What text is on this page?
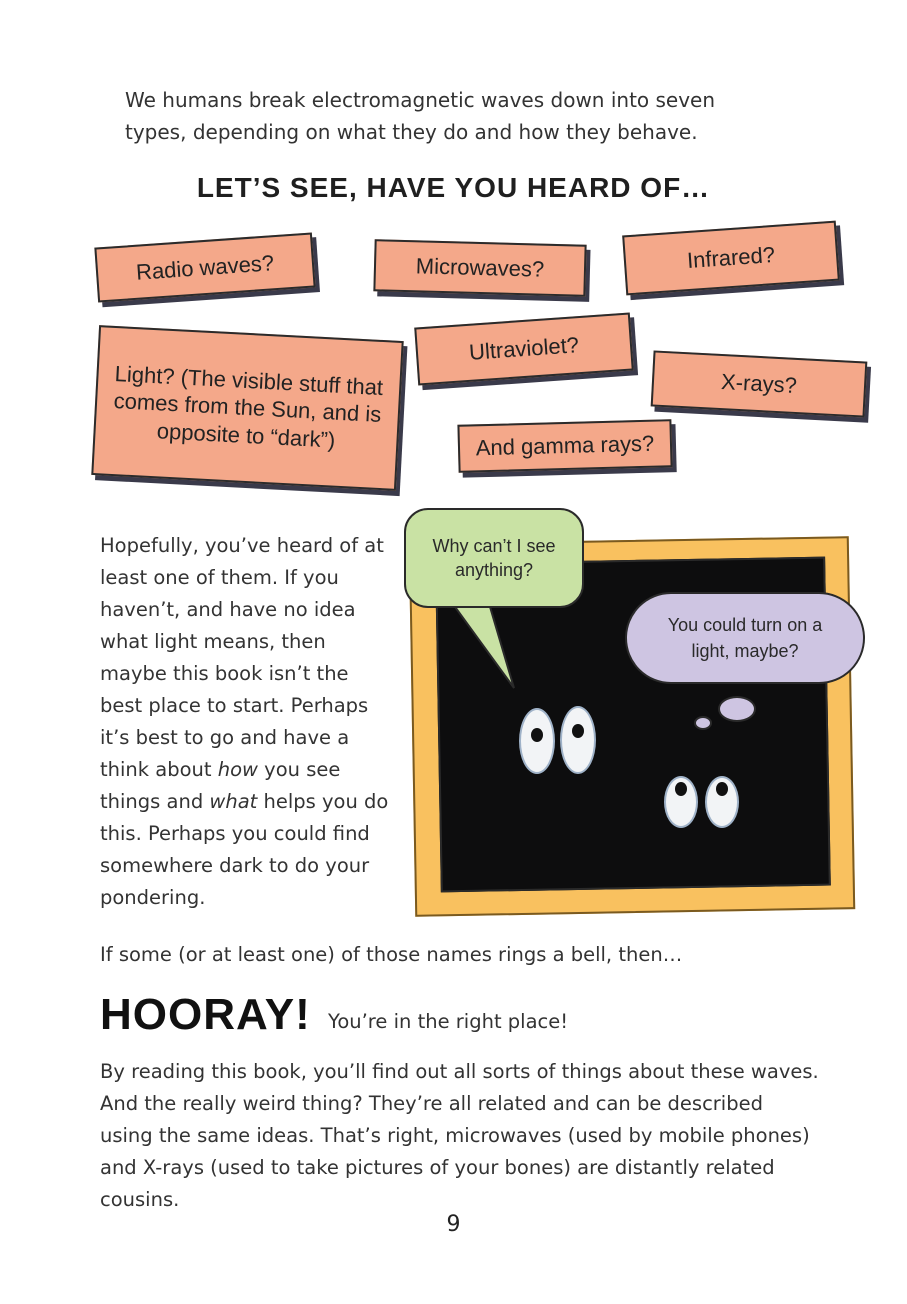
We humans break electromagnetic waves down into seven types, depending on what they do and how they behave.

LET’S SEE, HAVE YOU HEARD OF…
Radio waves?	Microwaves?	Infrared?
Light? (The visible stuff that comes from the Sun, and is opposite to “dark”)
Ultraviolet?
X-rays?
And gamma rays?

Hopefully, you’ve heard of at least one of them. If you haven’t, and have no idea what light means, then maybe this book isn’t the best place to start. Perhaps it’s best to go and have a think about how you see things and what helps you do this. Perhaps you could find somewhere dark to do your pondering.

Why can’t I see anything?
You could turn on a light, maybe?

If some (or at least one) of those names rings a bell, then…

HOORAY! You’re in the right place!

By reading this book, you’ll find out all sorts of things about these waves. And the really weird thing? They’re all related and can be described using the same ideas. That’s right, microwaves (used by mobile phones) and X-rays (used to take pictures of your bones) are distantly related cousins.

9
